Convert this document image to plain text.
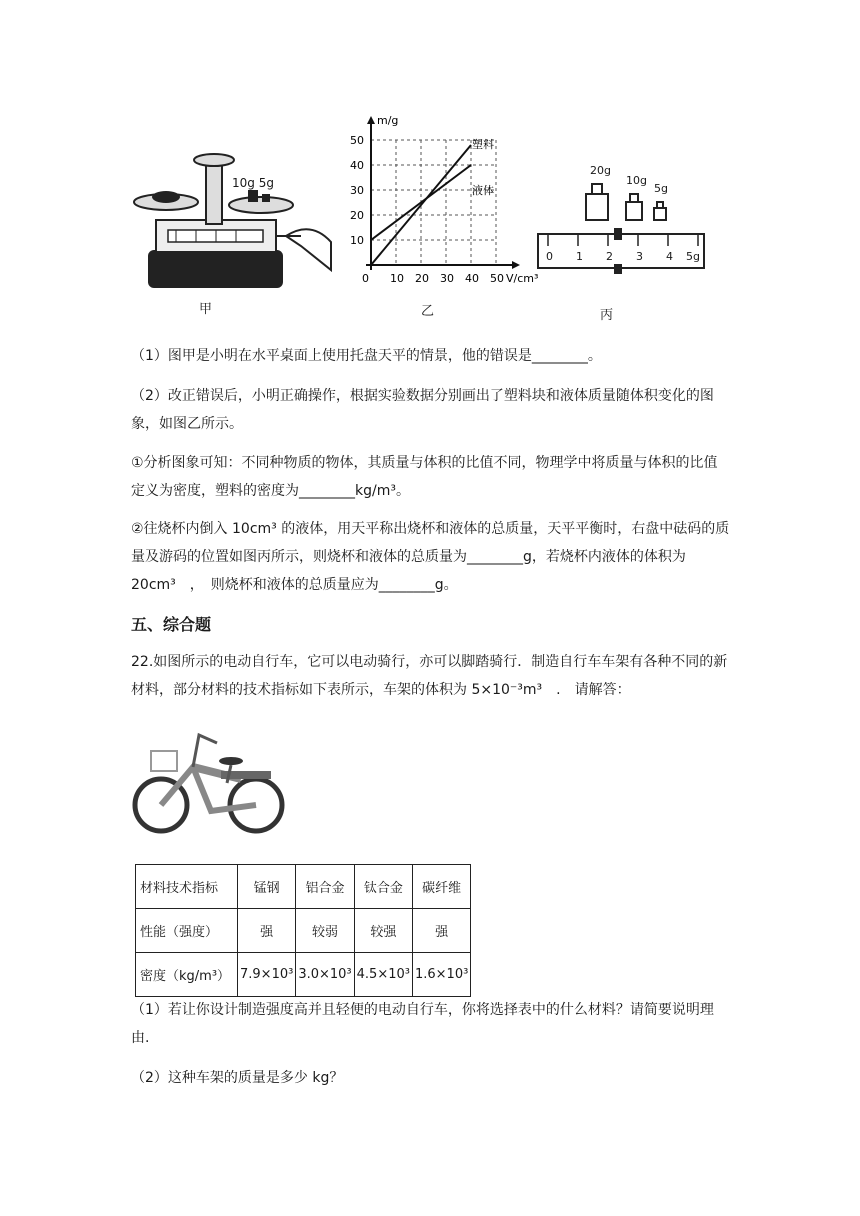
10g 5g
甲
50
40
30
20
10
0 10 20 30 40 50
m/g
V/cm³
塑料
液体
乙
20g
10g
5g
0 1 2 3 4 5g
丙

（1）图甲是小明在水平桌面上使用托盘天平的情景，他的错误是________。

（2）改正错误后，小明正确操作，根据实验数据分别画出了塑料块和液体质量随体积变化的图象，如图乙所示。

①分析图象可知：不同种物质的物体，其质量与体积的比值不同，物理学中将质量与体积的比值定义为密度，塑料的密度为________kg/m³。

②往烧杯内倒入 10cm³ 的液体，用天平称出烧杯和液体的总质量，天平平衡时，右盘中砝码的质量及游码的位置如图丙所示，则烧杯和液体的总质量为________g，若烧杯内液体的体积为 20cm³　，　则烧杯和液体的总质量应为________g。

五、综合题

22.如图所示的电动自行车，它可以电动骑行，亦可以脚踏骑行．制造自行车车架有各种不同的新材料，部分材料的技术指标如下表所示，车架的体积为 5×10⁻³m³　.　请解答：

材料技术指标	锰钢	铝合金	钛合金	碳纤维
性能（强度）	强	较弱	较强	强
密度（kg/m³）	7.9×10³	3.0×10³	4.5×10³	1.6×10³

（1）若让你设计制造强度高并且轻便的电动自行车，你将选择表中的什么材料？请简要说明理由.

（2）这种车架的质量是多少 kg？
